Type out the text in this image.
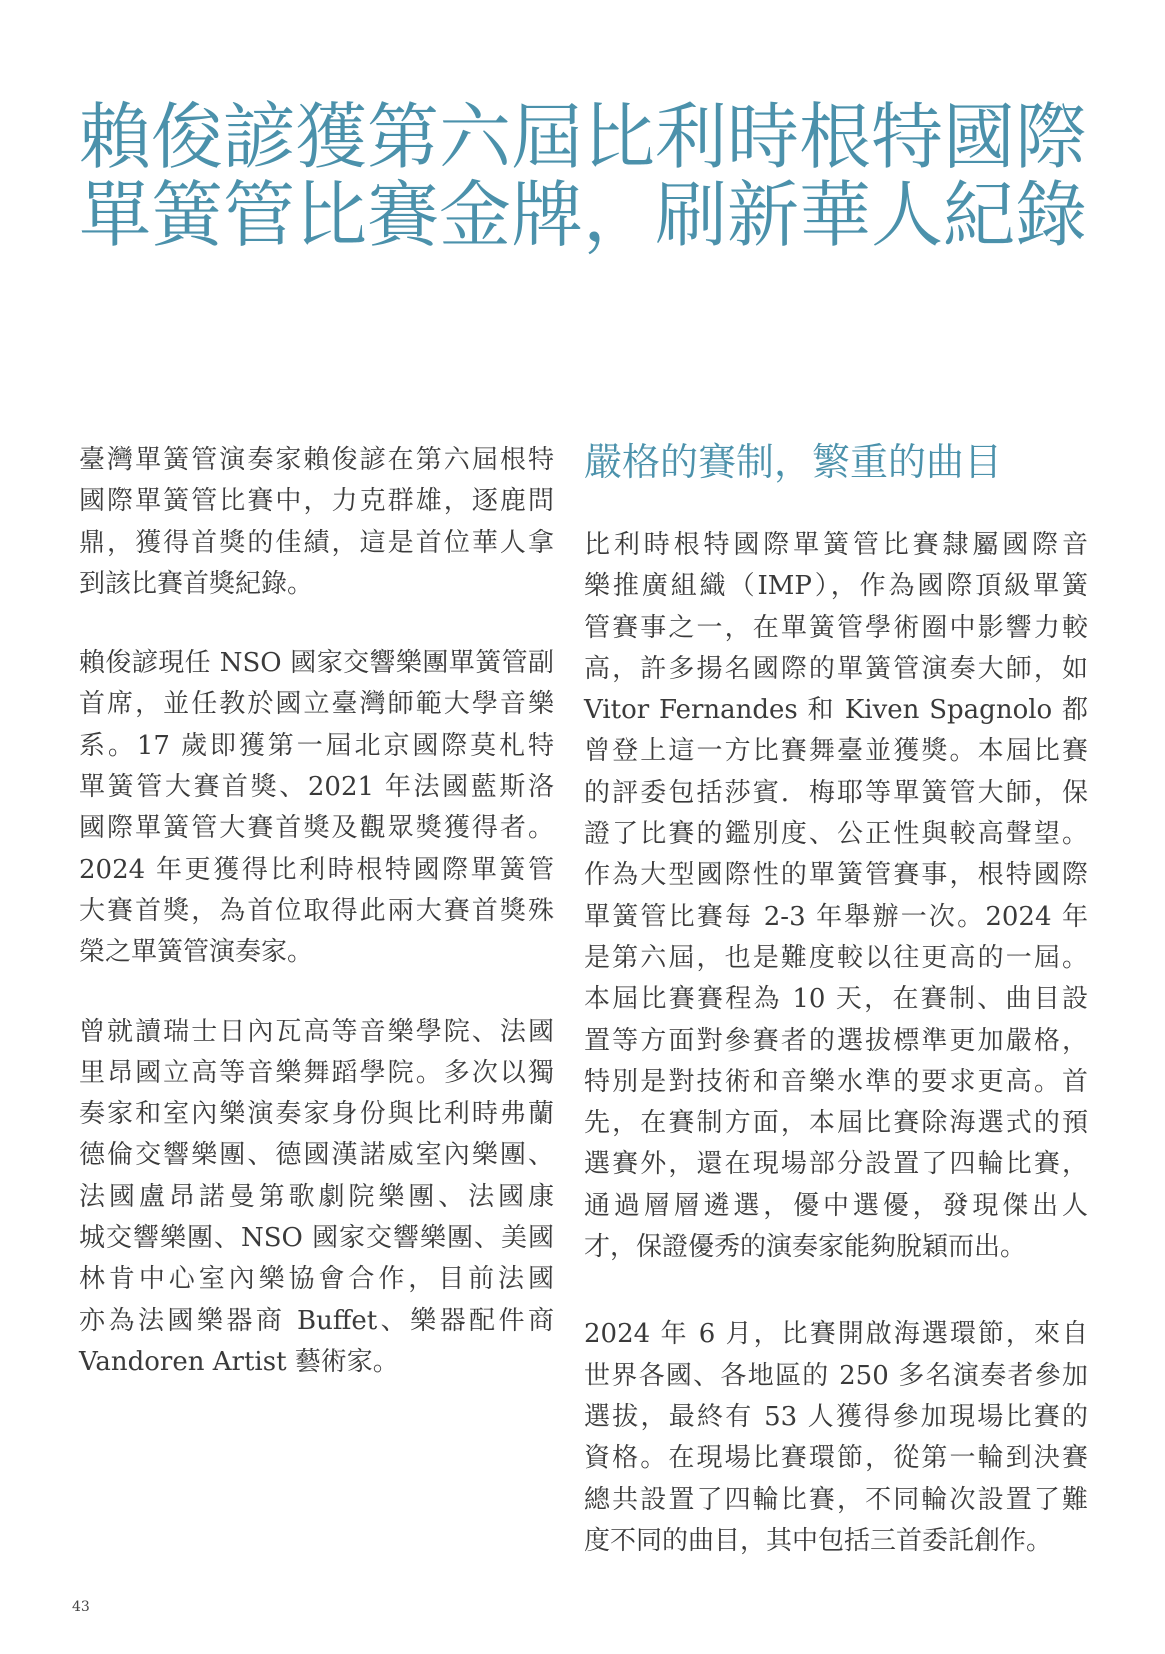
賴俊諺獲第六屆比利時根特國際
單簧管比賽金牌，刷新華人紀錄
臺灣單簧管演奏家賴俊諺在第六屆根特
國際單簧管比賽中，力克群雄，逐鹿問
鼎，獲得首獎的佳績，這是首位華人拿
到該比賽首獎紀錄。
賴俊諺現任 NSO 國家交響樂團單簧管副
首席，並任教於國立臺灣師範大學音樂
系。17 歲即獲第一屆北京國際莫札特
單簧管大賽首獎、2021 年法國藍斯洛
國際單簧管大賽首獎及觀眾獎獲得者。
2024 年更獲得比利時根特國際單簧管
大賽首獎，為首位取得此兩大賽首獎殊
榮之單簧管演奏家。
曾就讀瑞士日內瓦高等音樂學院、法國
里昂國立高等音樂舞蹈學院。多次以獨
奏家和室內樂演奏家身份與比利時弗蘭
德倫交響樂團、德國漢諾威室內樂團、
法國盧昂諾曼第歌劇院樂團、法國康
城交響樂團、NSO 國家交響樂團、美國
林肯中心室內樂協會合作，目前法國
亦為法國樂器商 Buffet、樂器配件商
Vandoren Artist 藝術家。
嚴格的賽制，繁重的曲目
比利時根特國際單簧管比賽隸屬國際音
樂推廣組織（IMP），作為國際頂級單簧
管賽事之一，在單簧管學術圈中影響力較
高，許多揚名國際的單簧管演奏大師，如
Vitor Fernandes 和 Kiven Spagnolo 都
曾登上這一方比賽舞臺並獲獎。本屆比賽
的評委包括莎賓．梅耶等單簧管大師，保
證了比賽的鑑別度、公正性與較高聲望。
作為大型國際性的單簧管賽事，根特國際
單簧管比賽每 2-3 年舉辦一次。2024 年
是第六屆，也是難度較以往更高的一屆。
本屆比賽賽程為 10 天，在賽制、曲目設
置等方面對參賽者的選拔標準更加嚴格，
特別是對技術和音樂水準的要求更高。首
先，在賽制方面，本屆比賽除海選式的預
選賽外，還在現場部分設置了四輪比賽，
通過層層遴選，優中選優，發現傑出人
才，保證優秀的演奏家能夠脫穎而出。
2024 年 6 月，比賽開啟海選環節，來自
世界各國、各地區的 250 多名演奏者參加
選拔，最終有 53 人獲得參加現場比賽的
資格。在現場比賽環節，從第一輪到決賽
總共設置了四輪比賽，不同輪次設置了難
度不同的曲目，其中包括三首委託創作。
43
